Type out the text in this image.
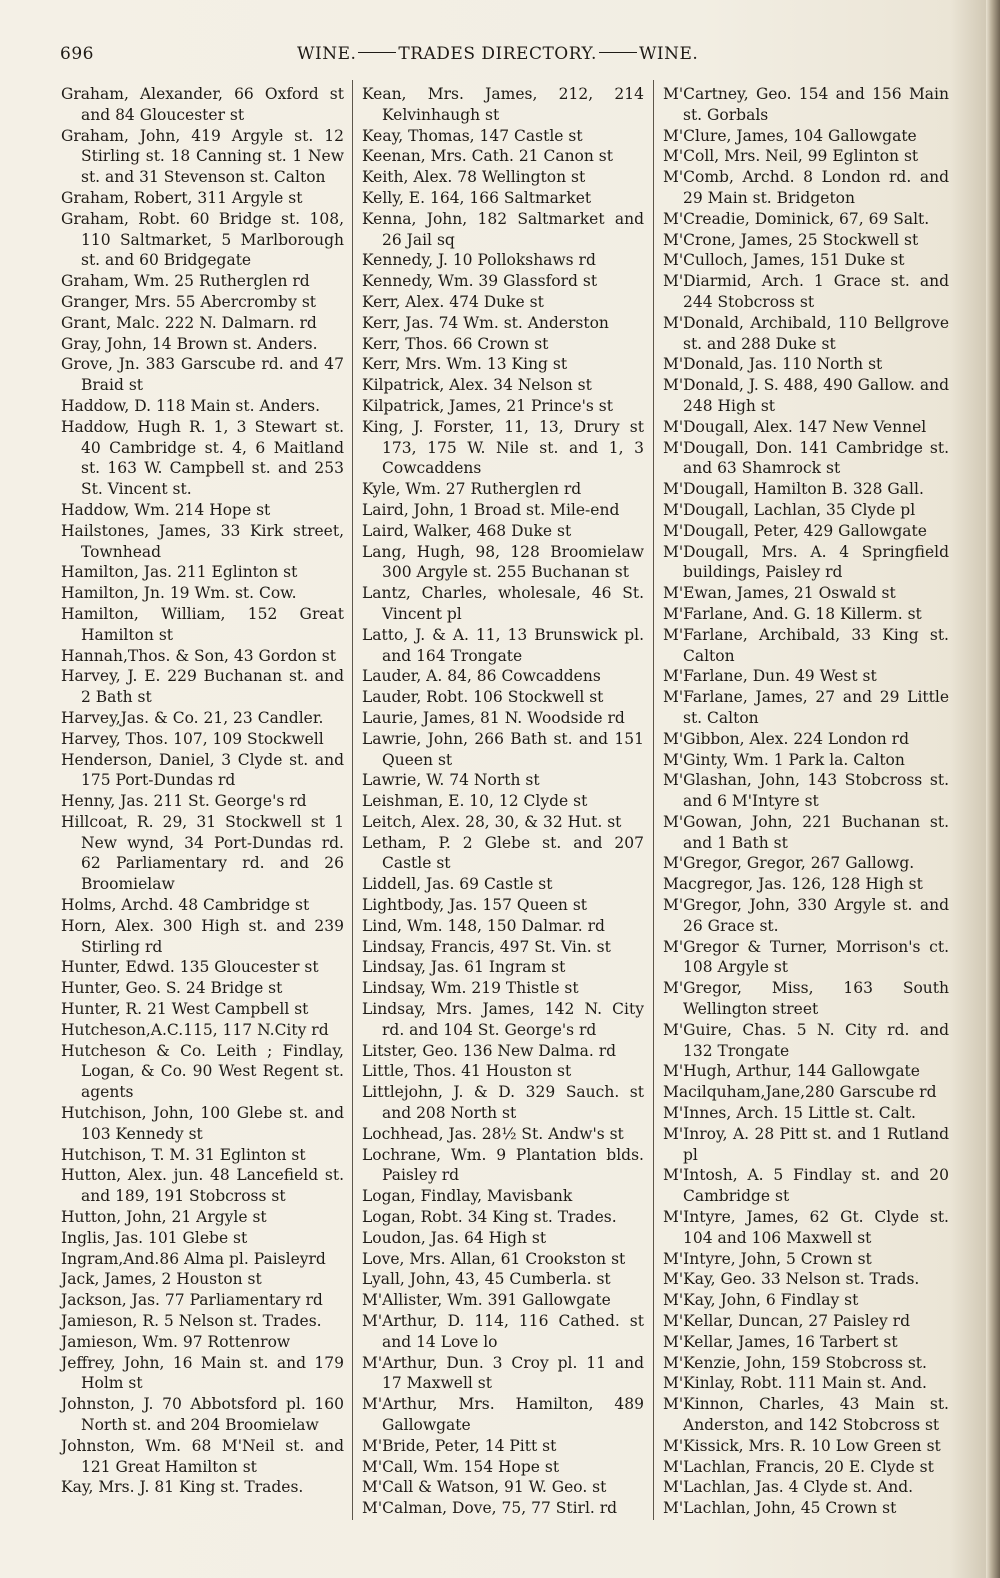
696	WINE. TRADES DIRECTORY. WINE.

Graham, Alexander, 66 Oxford st and 84 Gloucester st

Graham, John, 419 Argyle st. 12 Stirling st. 18 Canning st. 1 New st. and 31 Stevenson st. Calton

Graham, Robert, 311 Argyle st

Graham, Robt. 60 Bridge st. 108, 110 Saltmarket, 5 Marlborough st. and 60 Bridgegate

Graham, Wm. 25 Rutherglen rd

Granger, Mrs. 55 Abercromby st

Grant, Malc. 222 N. Dalmarn. rd

Gray, John, 14 Brown st. Anders.

Grove, Jn. 383 Garscube rd. and 47 Braid st

Haddow, D. 118 Main st. Anders.

Haddow, Hugh R. 1, 3 Stewart st. 40 Cambridge st. 4, 6 Maitland st. 163 W. Campbell st. and 253 St. Vincent st.

Haddow, Wm. 214 Hope st

Hailstones, James, 33 Kirk street, Townhead

Hamilton, Jas. 211 Eglinton st

Hamilton, Jn. 19 Wm. st. Cow.

Hamilton, William, 152 Great Hamilton st

Hannah,Thos. & Son, 43 Gordon st

Harvey, J. E. 229 Buchanan st. and 2 Bath st

Harvey,Jas. & Co. 21, 23 Candler.

Harvey, Thos. 107, 109 Stockwell

Henderson, Daniel, 3 Clyde st. and 175 Port-Dundas rd

Henny, Jas. 211 St. George's rd

Hillcoat, R. 29, 31 Stockwell st 1 New wynd, 34 Port-Dundas rd. 62 Parliamentary rd. and 26 Broomielaw

Holms, Archd. 48 Cambridge st

Horn, Alex. 300 High st. and 239 Stirling rd

Hunter, Edwd. 135 Gloucester st

Hunter, Geo. S. 24 Bridge st

Hunter, R. 21 West Campbell st

Hutcheson,A.C.115, 117 N.City rd

Hutcheson & Co. Leith ; Findlay, Logan, & Co. 90 West Regent st. agents

Hutchison, John, 100 Glebe st. and 103 Kennedy st

Hutchison, T. M. 31 Eglinton st

Hutton, Alex. jun. 48 Lancefield st. and 189, 191 Stobcross st

Hutton, John, 21 Argyle st

Inglis, Jas. 101 Glebe st

Ingram,And.86 Alma pl. Paisleyrd

Jack, James, 2 Houston st

Jackson, Jas. 77 Parliamentary rd

Jamieson, R. 5 Nelson st. Trades.

Jamieson, Wm. 97 Rottenrow

Jeffrey, John, 16 Main st. and 179 Holm st

Johnston, J. 70 Abbotsford pl. 160 North st. and 204 Broomielaw

Johnston, Wm. 68 M'Neil st. and 121 Great Hamilton st

Kay, Mrs. J. 81 King st. Trades.

Kean, Mrs. James, 212, 214 Kelvinhaugh st

Keay, Thomas, 147 Castle st

Keenan, Mrs. Cath. 21 Canon st

Keith, Alex. 78 Wellington st

Kelly, E. 164, 166 Saltmarket

Kenna, John, 182 Saltmarket and 26 Jail sq

Kennedy, J. 10 Pollokshaws rd

Kennedy, Wm. 39 Glassford st

Kerr, Alex. 474 Duke st

Kerr, Jas. 74 Wm. st. Anderston

Kerr, Thos. 66 Crown st

Kerr, Mrs. Wm. 13 King st

Kilpatrick, Alex. 34 Nelson st

Kilpatrick, James, 21 Prince's st

King, J. Forster, 11, 13, Drury st 173, 175 W. Nile st. and 1, 3 Cowcaddens

Kyle, Wm. 27 Rutherglen rd

Laird, John, 1 Broad st. Mile-end

Laird, Walker, 468 Duke st

Lang, Hugh, 98, 128 Broomielaw 300 Argyle st. 255 Buchanan st

Lantz, Charles, wholesale, 46 St. Vincent pl

Latto, J. & A. 11, 13 Brunswick pl. and 164 Trongate

Lauder, A. 84, 86 Cowcaddens

Lauder, Robt. 106 Stockwell st

Laurie, James, 81 N. Woodside rd

Lawrie, John, 266 Bath st. and 151 Queen st

Lawrie, W. 74 North st

Leishman, E. 10, 12 Clyde st

Leitch, Alex. 28, 30, & 32 Hut. st

Letham, P. 2 Glebe st. and 207 Castle st

Liddell, Jas. 69 Castle st

Lightbody, Jas. 157 Queen st

Lind, Wm. 148, 150 Dalmar. rd

Lindsay, Francis, 497 St. Vin. st

Lindsay, Jas. 61 Ingram st

Lindsay, Wm. 219 Thistle st

Lindsay, Mrs. James, 142 N. City rd. and 104 St. George's rd

Litster, Geo. 136 New Dalma. rd

Little, Thos. 41 Houston st

Littlejohn, J. & D. 329 Sauch. st and 208 North st

Lochhead, Jas. 28½ St. Andw's st

Lochrane, Wm. 9 Plantation blds. Paisley rd

Logan, Findlay, Mavisbank

Logan, Robt. 34 King st. Trades.

Loudon, Jas. 64 High st

Love, Mrs. Allan, 61 Crookston st

Lyall, John, 43, 45 Cumberla. st

M'Allister, Wm. 391 Gallowgate

M'Arthur, D. 114, 116 Cathed. st and 14 Love lo

M'Arthur, Dun. 3 Croy pl. 11 and 17 Maxwell st

M'Arthur, Mrs. Hamilton, 489 Gallowgate

M'Bride, Peter, 14 Pitt st

M'Call, Wm. 154 Hope st

M'Call & Watson, 91 W. Geo. st

M'Calman, Dove, 75, 77 Stirl. rd

M'Cartney, Geo. 154 and 156 Main st. Gorbals

M'Clure, James, 104 Gallowgate

M'Coll, Mrs. Neil, 99 Eglinton st

M'Comb, Archd. 8 London rd. and 29 Main st. Bridgeton

M'Creadie, Dominick, 67, 69 Salt.

M'Crone, James, 25 Stockwell st

M'Culloch, James, 151 Duke st

M'Diarmid, Arch. 1 Grace st. and 244 Stobcross st

M'Donald, Archibald, 110 Bellgrove st. and 288 Duke st

M'Donald, Jas. 110 North st

M'Donald, J. S. 488, 490 Gallow. and 248 High st

M'Dougall, Alex. 147 New Vennel

M'Dougall, Don. 141 Cambridge st. and 63 Shamrock st

M'Dougall, Hamilton B. 328 Gall.

M'Dougall, Lachlan, 35 Clyde pl

M'Dougall, Peter, 429 Gallowgate

M'Dougall, Mrs. A. 4 Springfield buildings, Paisley rd

M'Ewan, James, 21 Oswald st

M'Farlane, And. G. 18 Killerm. st

M'Farlane, Archibald, 33 King st. Calton

M'Farlane, Dun. 49 West st

M'Farlane, James, 27 and 29 Little st. Calton

M'Gibbon, Alex. 224 London rd

M'Ginty, Wm. 1 Park la. Calton

M'Glashan, John, 143 Stobcross st. and 6 M'Intyre st

M'Gowan, John, 221 Buchanan st. and 1 Bath st

M'Gregor, Gregor, 267 Gallowg.

Macgregor, Jas. 126, 128 High st

M'Gregor, John, 330 Argyle st. and 26 Grace st.

M'Gregor & Turner, Morrison's ct. 108 Argyle st

M'Gregor, Miss, 163 South Wellington street

M'Guire, Chas. 5 N. City rd. and 132 Trongate

M'Hugh, Arthur, 144 Gallowgate

Macilquham,Jane,280 Garscube rd

M'Innes, Arch. 15 Little st. Calt.

M'Inroy, A. 28 Pitt st. and 1 Rutland pl

M'Intosh, A. 5 Findlay st. and 20 Cambridge st

M'Intyre, James, 62 Gt. Clyde st. 104 and 106 Maxwell st

M'Intyre, John, 5 Crown st

M'Kay, Geo. 33 Nelson st. Trads.

M'Kay, John, 6 Findlay st

M'Kellar, Duncan, 27 Paisley rd

M'Kellar, James, 16 Tarbert st

M'Kenzie, John, 159 Stobcross st.

M'Kinlay, Robt. 111 Main st. And.

M'Kinnon, Charles, 43 Main st. Anderston, and 142 Stobcross st

M'Kissick, Mrs. R. 10 Low Green st

M'Lachlan, Francis, 20 E. Clyde st

M'Lachlan, Jas. 4 Clyde st. And.

M'Lachlan, John, 45 Crown st
